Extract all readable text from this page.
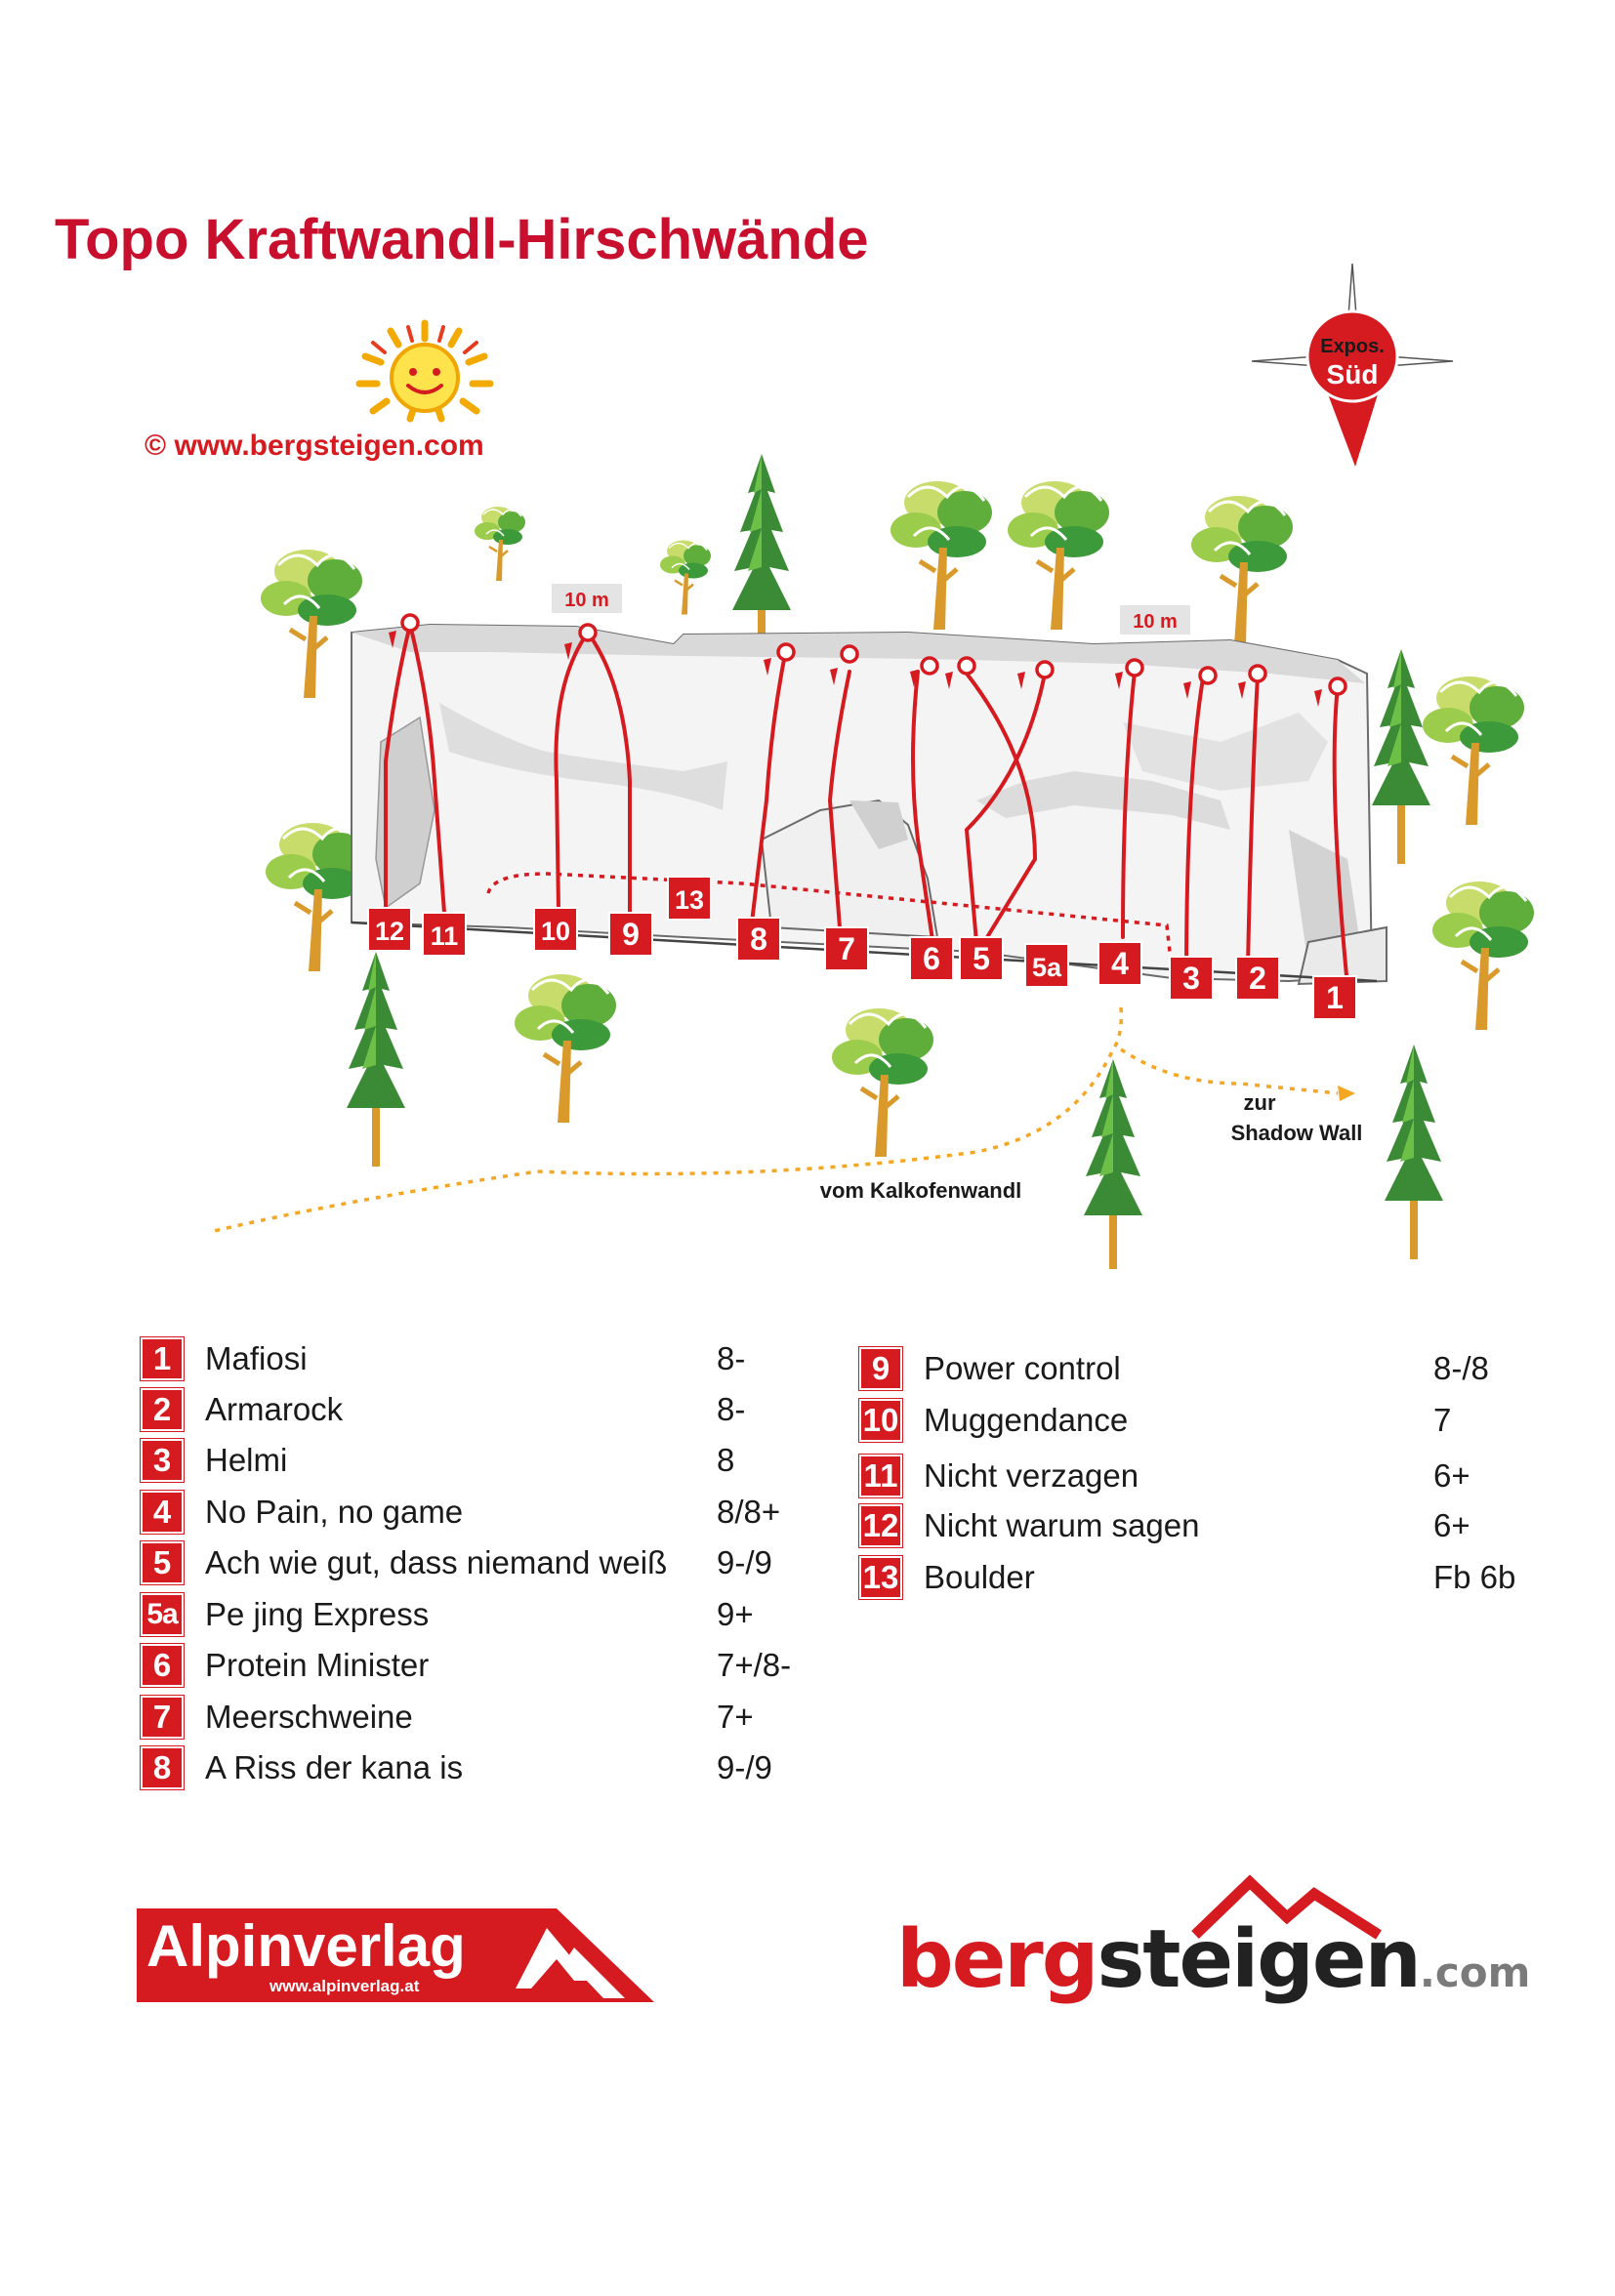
Topo Kraftwandl-Hirschwände
© www.bergsteigen.com
Expos.
Süd
10 m
10 m
zur
Shadow Wall
vom Kalkofenwandl
12 11	10 9
13
8 7 6 5 5a 4 3 2
1
1	Mafiosi	8-
2	Armarock	8-
3	Helmi	8
4	No Pain, no game	8/8+
5	Ach wie gut, dass niemand weiß 9-/9
5a Pe jing Express	9+
6	Protein Minister	7+/8-
7	Meerschweine	7+
8	A Riss der kana is	9-/9
9	Power control	8-/8
10 Muggendance	7
11 Nicht verzagen	6+
12 Nicht warum sagen	6+
13 Boulder	Fb 6b
Alpinverlag
www.alpinverlag.at	bergsteigen.com
